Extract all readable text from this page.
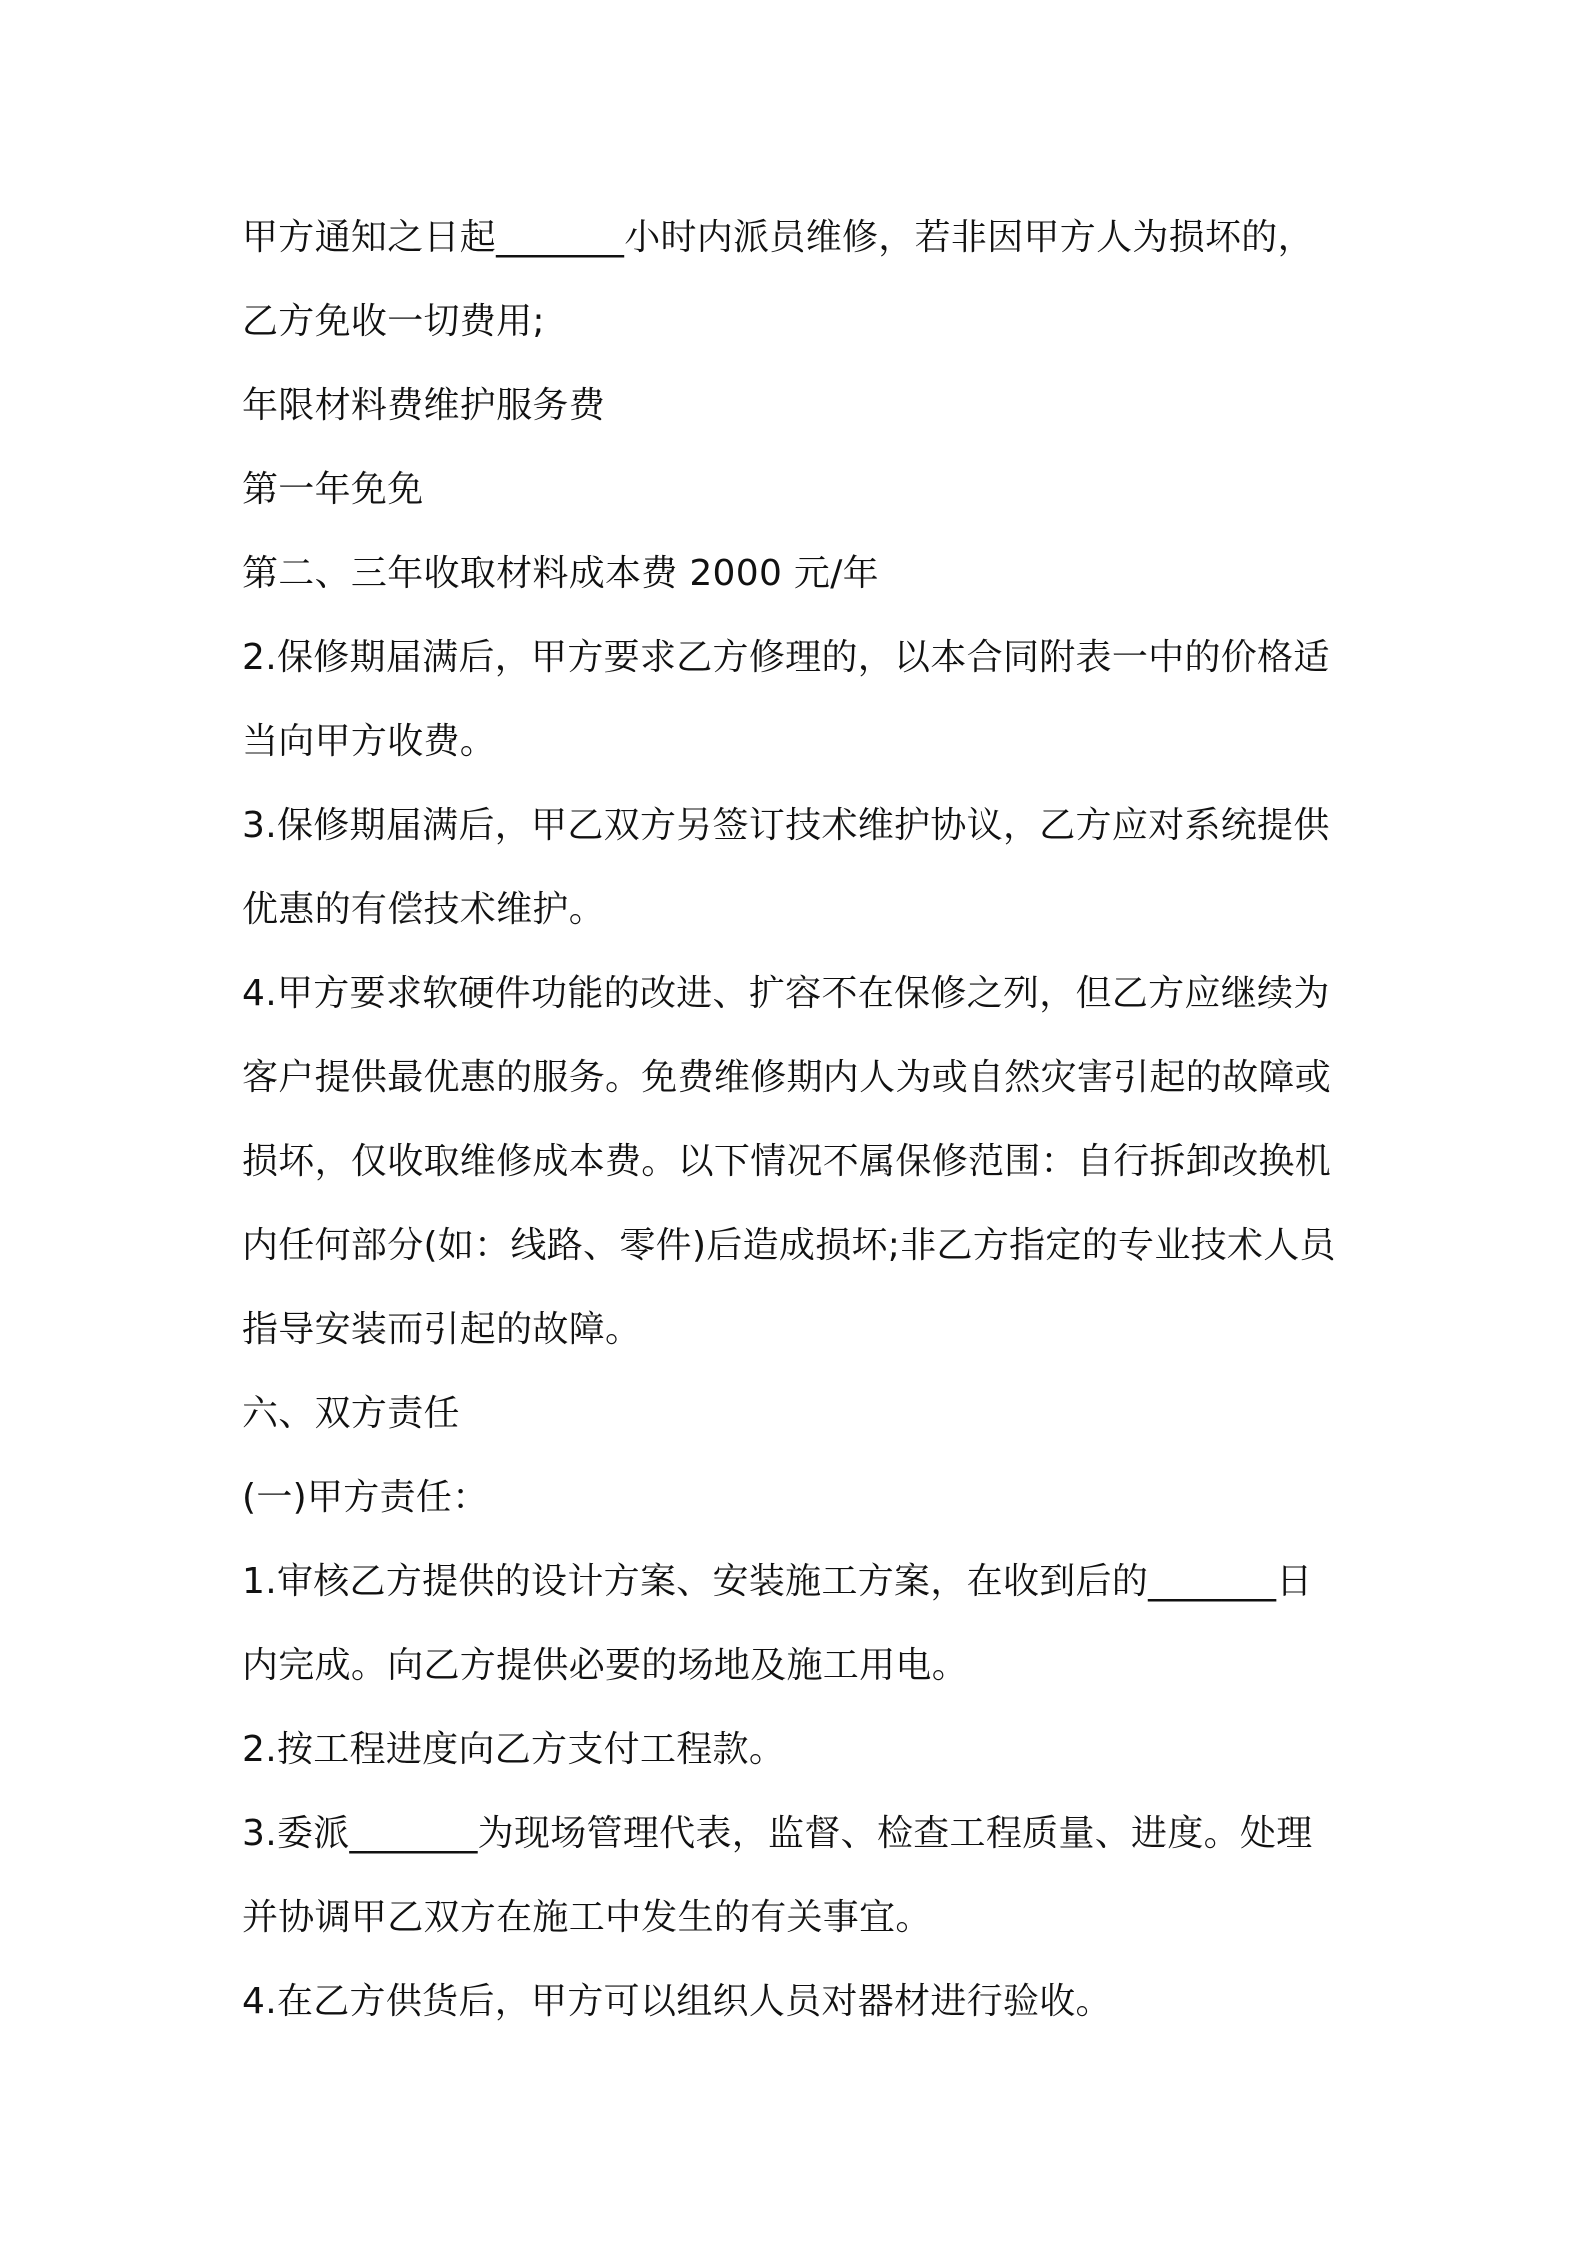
甲方通知之日起_______小时内派员维修，若非因甲方人为损坏的，
乙方免收一切费用;
年限材料费维护服务费
第一年免免
第二、三年收取材料成本费 2000 元/年
2.保修期届满后，甲方要求乙方修理的，以本合同附表一中的价格适
当向甲方收费。
3.保修期届满后，甲乙双方另签订技术维护协议，乙方应对系统提供
优惠的有偿技术维护。
4.甲方要求软硬件功能的改进、扩容不在保修之列，但乙方应继续为
客户提供最优惠的服务。免费维修期内人为或自然灾害引起的故障或
损坏，仅收取维修成本费。以下情况不属保修范围：自行拆卸改换机
内任何部分(如：线路、零件)后造成损坏;非乙方指定的专业技术人员
指导安装而引起的故障。
六、双方责任
(一)甲方责任：
1.审核乙方提供的设计方案、安装施工方案，在收到后的_______日
内完成。向乙方提供必要的场地及施工用电。
2.按工程进度向乙方支付工程款。
3.委派_______为现场管理代表，监督、检查工程质量、进度。处理
并协调甲乙双方在施工中发生的有关事宜。
4.在乙方供货后，甲方可以组织人员对器材进行验收。
